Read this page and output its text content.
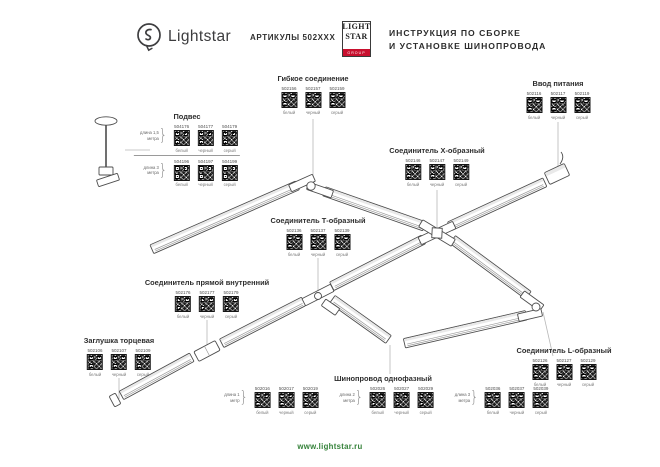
Lightstar АРТИКУЛЫ 502XXX
LIGHT
STAR
GROUP
ИНСТРУКЦИЯ ПО СБОРКЕ
И УСТАНОВКЕ ШИНОПРОВОДА
Гибкое соединение
502156
белый
502157
черный
502159
серый
Ввод питания
502116
белый
502117
черный
502119
серый
Подвес
длина 1,5 метра } 504176
белый
504177
черный
504179
серый
длина 3 метра } 504196
белый
504197
черный
504199
серый
Соединитель X-образный
502146
белый
502147
черный
502149
серый
Соединитель Т-образный
502136
белый
502137
черный
502139
серый
Соединитель прямой внутренний
502176
белый
502177
черный
502179
серый
Заглушка торцевая
502106
белый
502107
черный
502109
серый
Соединитель L-образный
502126
белый
502127
черный
502129
серый
Шинопровод однофазный
длина 1 метр } 502016
белый
502017
черный
502019
серый
длина 2 метра } 502026
белый
502027
черный
502029
серый
длина 3 метра } 502036
белый
502037
черный
502039
серый
www.lightstar.ru
